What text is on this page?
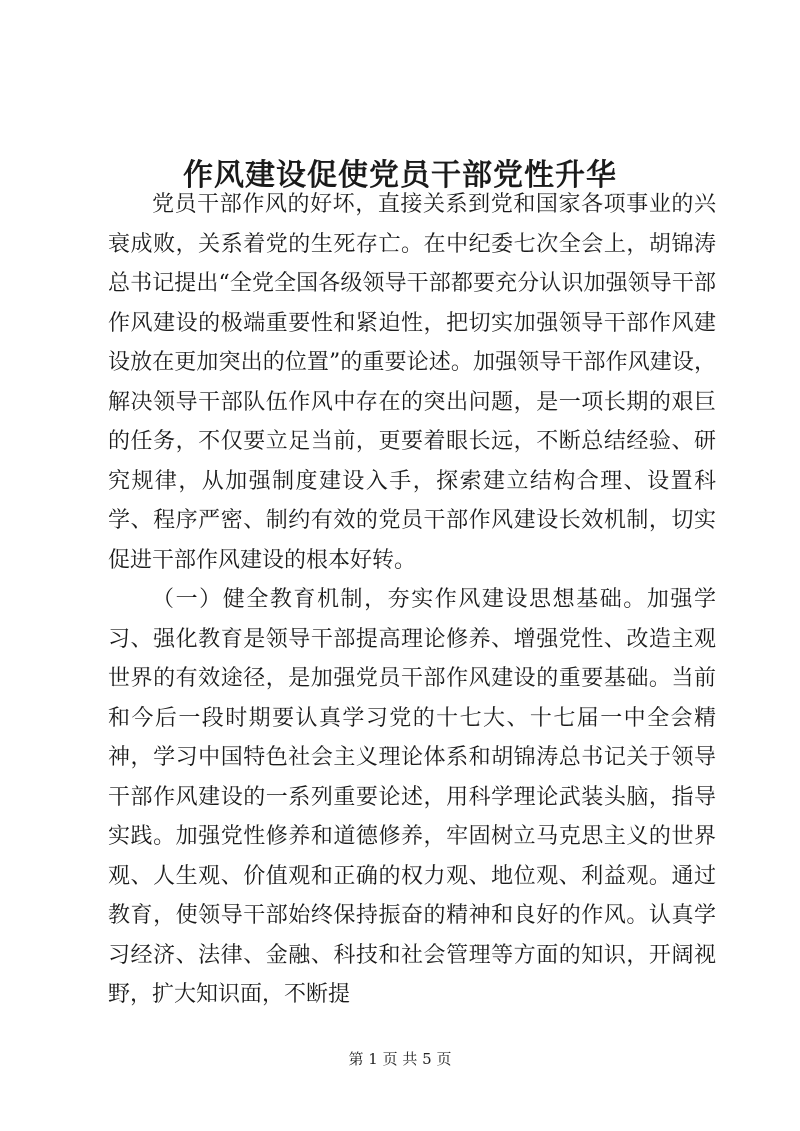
作风建设促使党员干部党性升华

党员干部作风的好坏，直接关系到党和国家各项事业的兴衰成败，关系着党的生死存亡。在中纪委七次全会上，胡锦涛总书记提出“全党全国各级领导干部都要充分认识加强领导干部作风建设的极端重要性和紧迫性，把切实加强领导干部作风建设放在更加突出的位置”的重要论述。加强领导干部作风建设，解决领导干部队伍作风中存在的突出问题，是一项长期的艰巨的任务，不仅要立足当前，更要着眼长远，不断总结经验、研究规律，从加强制度建设入手，探索建立结构合理、设置科学、程序严密、制约有效的党员干部作风建设长效机制，切实促进干部作风建设的根本好转。

（一）健全教育机制，夯实作风建设思想基础。加强学习、强化教育是领导干部提高理论修养、增强党性、改造主观世界的有效途径，是加强党员干部作风建设的重要基础。当前和今后一段时期要认真学习党的十七大、十七届一中全会精神，学习中国特色社会主义理论体系和胡锦涛总书记关于领导干部作风建设的一系列重要论述，用科学理论武装头脑，指导实践。加强党性修养和道德修养，牢固树立马克思主义的世界观、人生观、价值观和正确的权力观、地位观、利益观。通过教育，使领导干部始终保持振奋的精神和良好的作风。认真学习经济、法律、金融、科技和社会管理等方面的知识，开阔视野，扩大知识面，不断提

第 1 页 共 5 页
